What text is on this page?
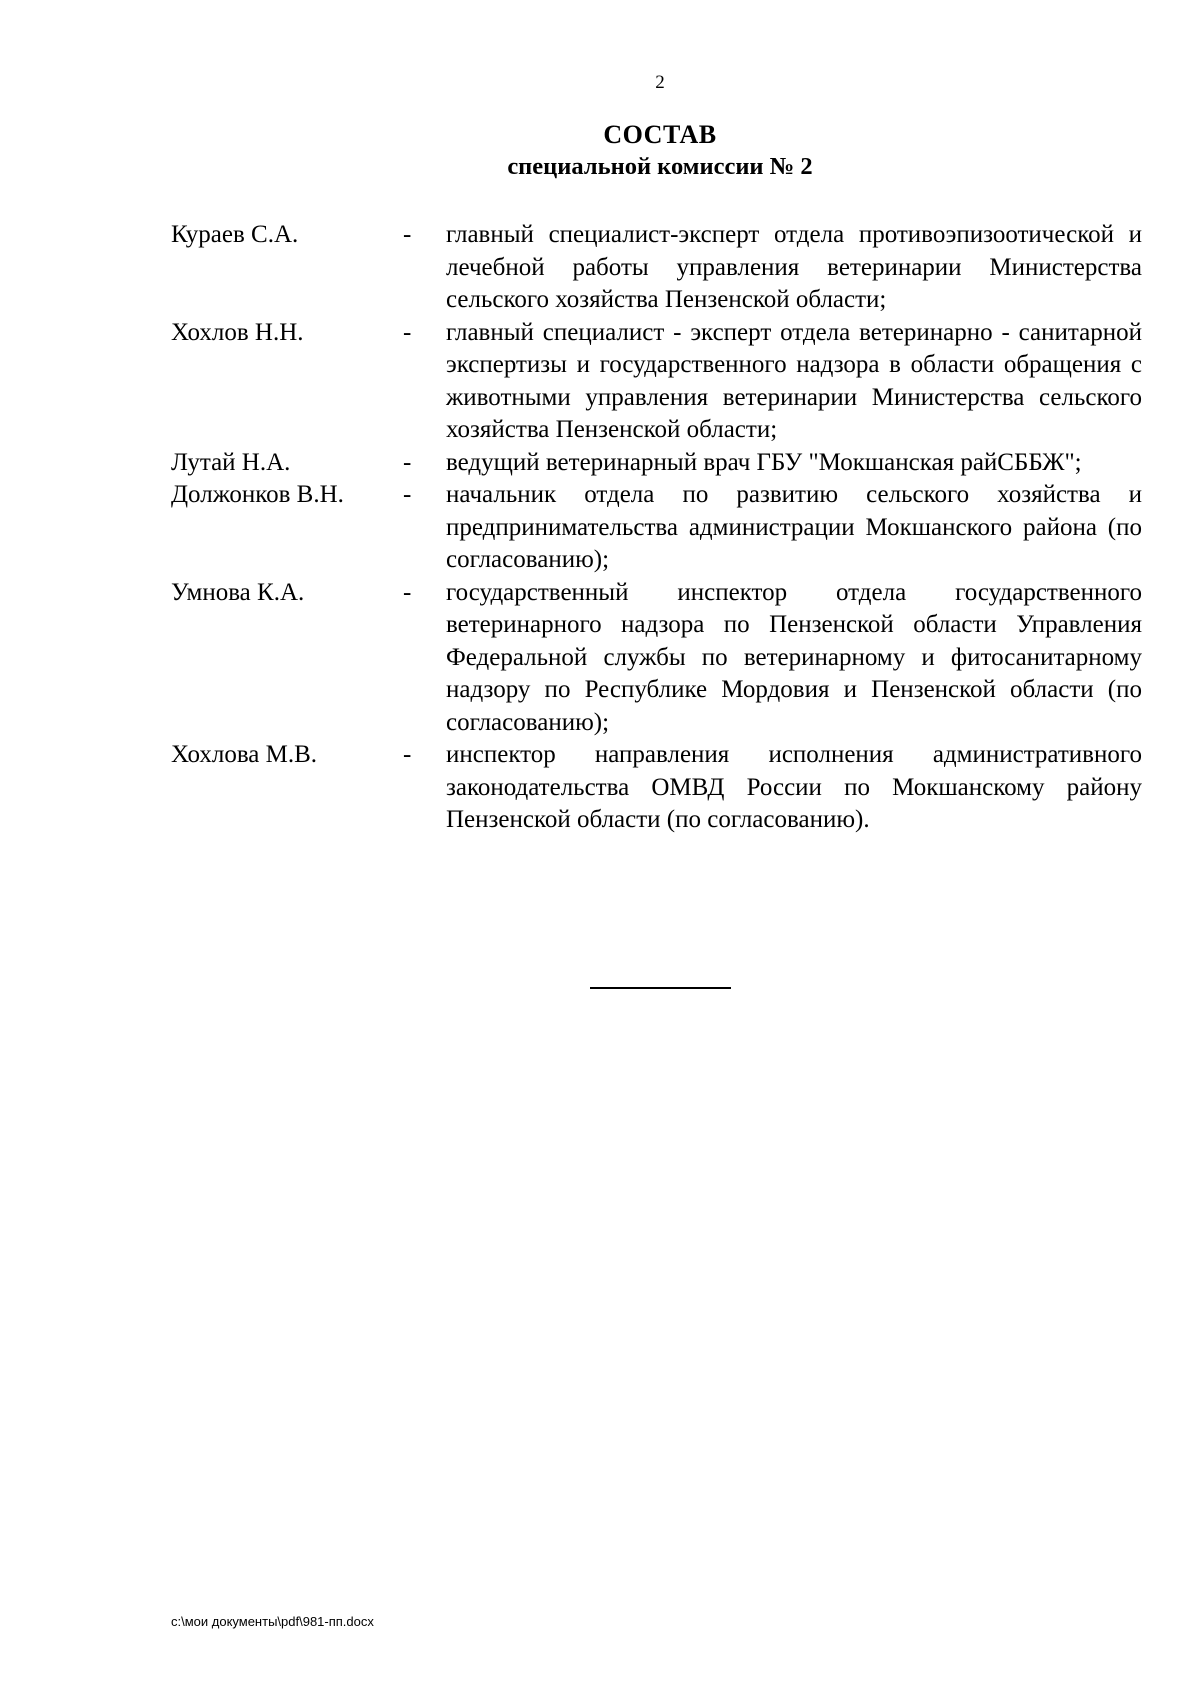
2
СОСТАВ
специальной комиссии № 2
Кураев С.А.	-	главный специалист-эксперт отдела противоэпизоотической и лечебной работы управления ветеринарии Министерства сельского хозяйства Пензенской области;
Хохлов Н.Н.	-	главный специалист - эксперт отдела ветеринарно - санитарной экспертизы и государственного надзора в области обращения с животными управления ветеринарии Министерства сельского хозяйства Пензенской области;
Лутай Н.А.	-	ведущий ветеринарный врач ГБУ "Мокшанская райСББЖ";
Должонков В.Н.	-	начальник отдела по развитию сельского хозяйства и предпринимательства администрации Мокшанского района (по согласованию);
Умнова К.А.	-	государственный инспектор отдела государственного ветеринарного надзора по Пензенской области Управления Федеральной службы по ветеринарному и фитосанитарному надзору по Республике Мордовия и Пензенской области (по согласованию);
Хохлова М.В.	-	инспектор направления исполнения административного законодательства ОМВД России по Мокшанскому району Пензенской области (по согласованию).
c:\мои документы\pdf\981-пп.docx
